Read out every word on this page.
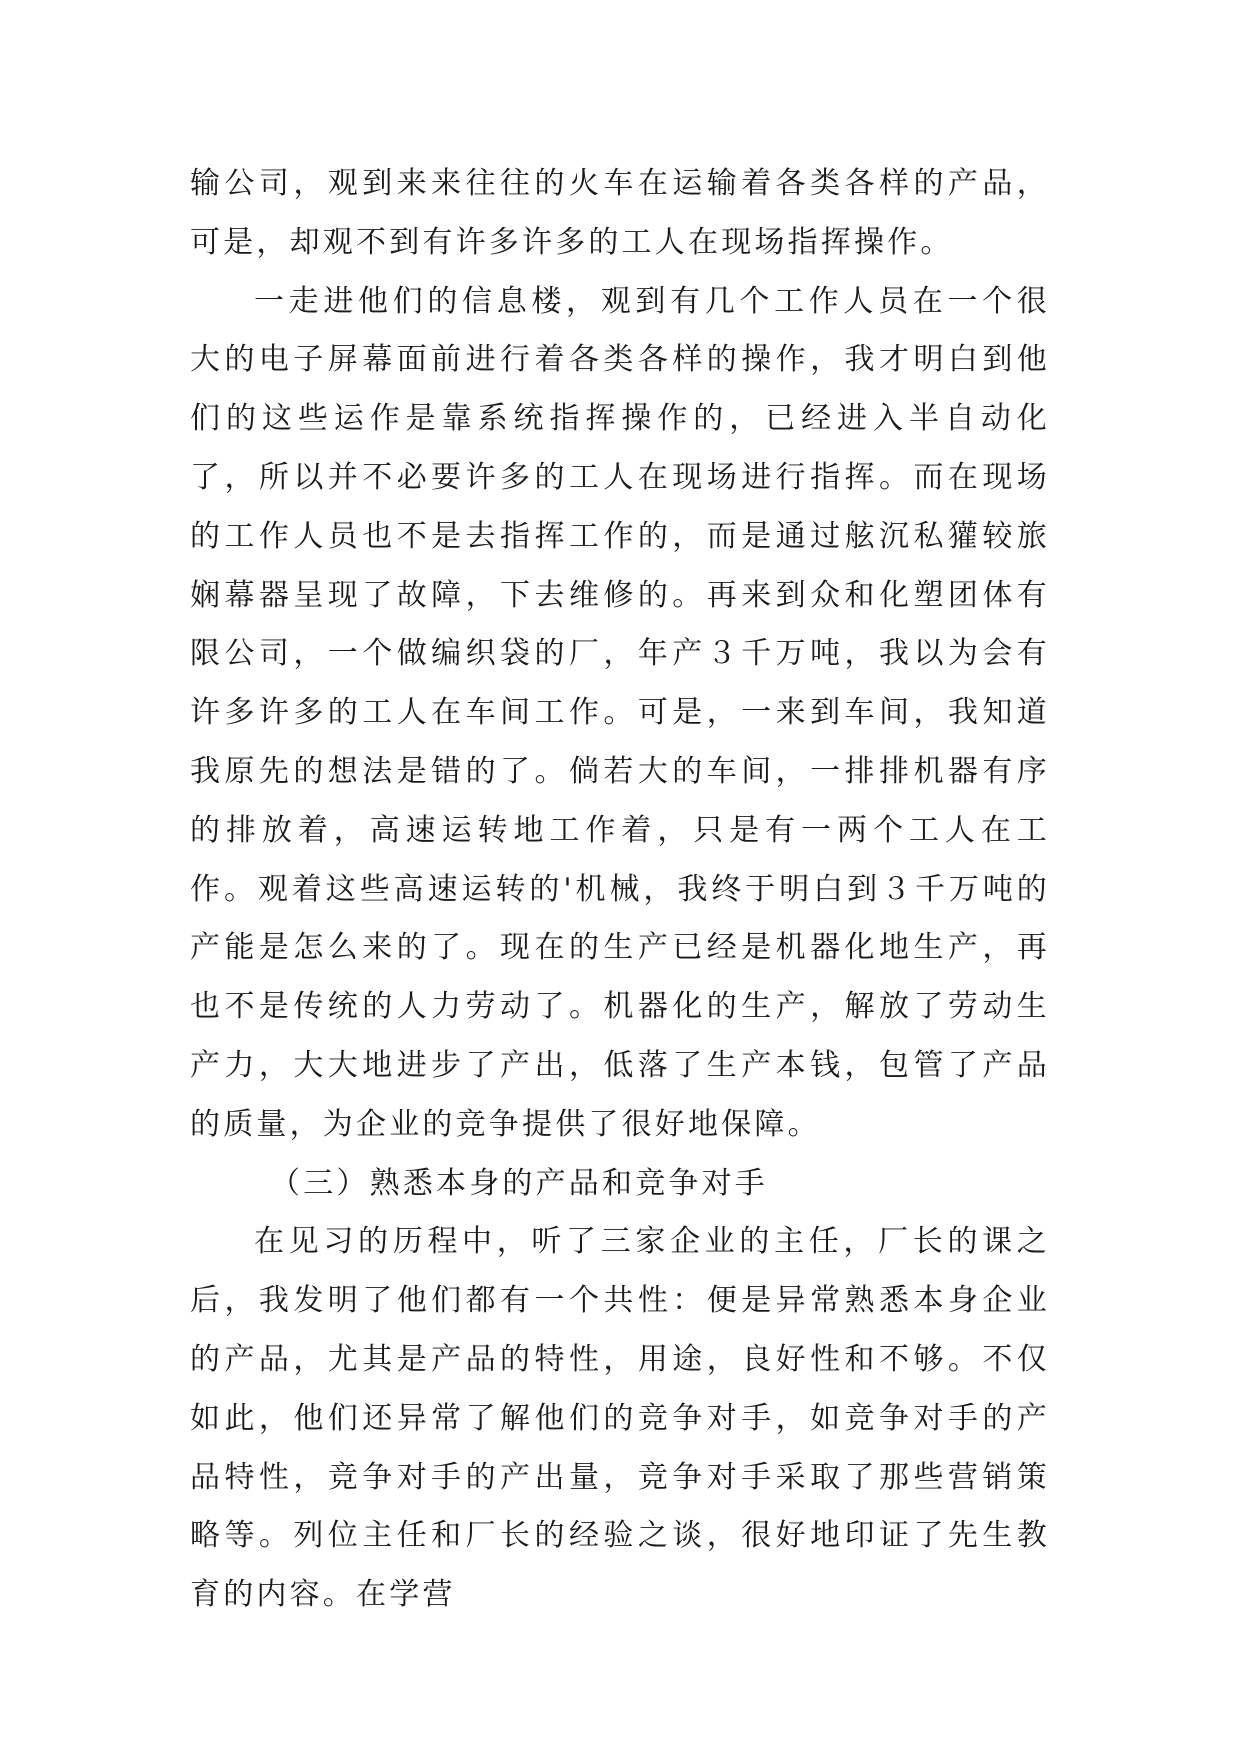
输公司，观到来来往往的火车在运输着各类各样的产品，可是，却观不到有许多许多的工人在现场指挥操作。

一走进他们的信息楼，观到有几个工作人员在一个很大的电子屏幕面前进行着各类各样的操作，我才明白到他们的这些运作是靠系统指挥操作的，已经进入半自动化了，所以并不必要许多的工人在现场进行指挥。而在现场的工作人员也不是去指挥工作的，而是通过舷沉私獾较旅娴幕器呈现了故障，下去维修的。再来到众和化塑团体有限公司，一个做编织袋的厂，年产３千万吨，我以为会有许多许多的工人在车间工作。可是，一来到车间，我知道我原先的想法是错的了。倘若大的车间，一排排机器有序的排放着，高速运转地工作着，只是有一两个工人在工作。观着这些高速运转的'机械，我终于明白到３千万吨的产能是怎么来的了。现在的生产已经是机器化地生产，再也不是传统的人力劳动了。机器化的生产，解放了劳动生产力，大大地进步了产出，低落了生产本钱，包管了产品的质量，为企业的竞争提供了很好地保障。

（三）熟悉本身的产品和竞争对手

在见习的历程中，听了三家企业的主任，厂长的课之后，我发明了他们都有一个共性：便是异常熟悉本身企业的产品，尤其是产品的特性，用途，良好性和不够。不仅如此，他们还异常了解他们的竞争对手，如竞争对手的产品特性，竞争对手的产出量，竞争对手采取了那些营销策略等。列位主任和厂长的经验之谈，很好地印证了先生教育的内容。在学营
